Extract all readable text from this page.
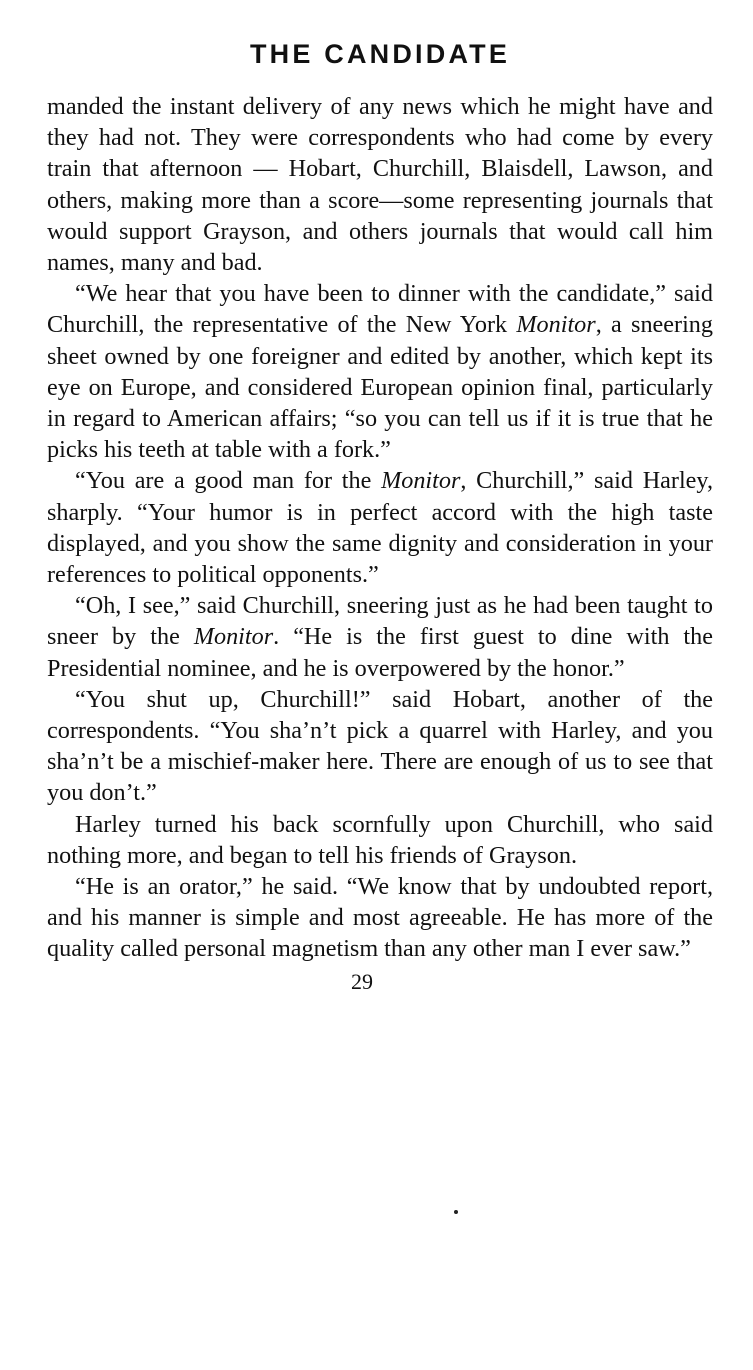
THE CANDIDATE

manded the instant delivery of any news which he might have and they had not. They were correspondents who had come by every train that afternoon — Hobart, Churchill, Blaisdell, Lawson, and others, making more than a score—some representing journals that would support Grayson, and others journals that would call him names, many and bad.

“We hear that you have been to dinner with the candidate,” said Churchill, the representative of the New York Monitor, a sneering sheet owned by one foreigner and edited by another, which kept its eye on Europe, and considered European opinion final, particularly in regard to American affairs; “so you can tell us if it is true that he picks his teeth at table with a fork.”

“You are a good man for the Monitor, Churchill,” said Harley, sharply. “Your humor is in perfect accord with the high taste displayed, and you show the same dignity and consideration in your references to political opponents.”

“Oh, I see,” said Churchill, sneering just as he had been taught to sneer by the Monitor. “He is the first guest to dine with the Presidential nominee, and he is overpowered by the honor.”

“You shut up, Churchill!” said Hobart, another of the correspondents. “You sha’n’t pick a quarrel with Harley, and you sha’n’t be a mischief-maker here. There are enough of us to see that you don’t.”

Harley turned his back scornfully upon Churchill, who said nothing more, and began to tell his friends of Grayson.

“He is an orator,” he said. “We know that by undoubted report, and his manner is simple and most agreeable. He has more of the quality called personal magnetism than any other man I ever saw.”

29
